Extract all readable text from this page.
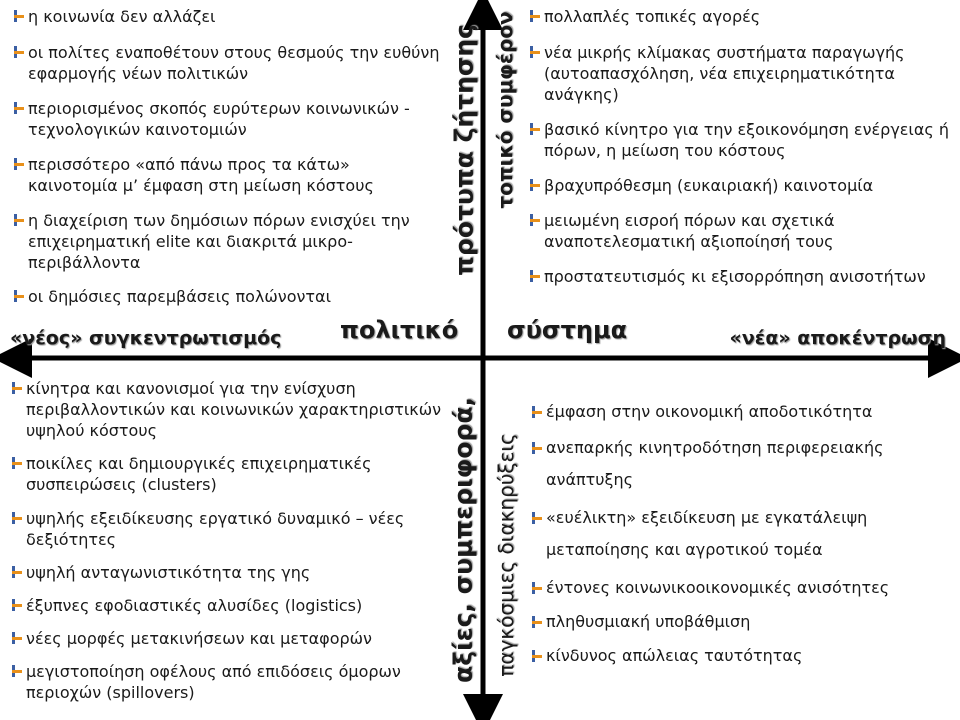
η κοινωνία δεν αλλάζει
οι πολίτες εναποθέτουν στους θεσμούς την ευθύνη εφαρμογής νέων πολιτικών
περιορισμένος σκοπός ευρύτερων κοινωνικών - τεχνολογικών καινοτομιών
περισσότερο «από πάνω προς τα κάτω» καινοτομία μ’ έμφαση στη μείωση κόστους
η διαχείριση των δημόσιων πόρων ενισχύει την επιχειρηματική elite και διακριτά μικρο-περιβάλλοντα
οι δημόσιες παρεμβάσεις πολώνονται
πολλαπλές τοπικές αγορές
νέα μικρής κλίμακας συστήματα παραγωγής (αυτοαπασχόληση, νέα επιχειρηματικότητα ανάγκης)
βασικό κίνητρο για την εξοικονόμηση ενέργειας ή πόρων, η μείωση του κόστους
βραχυπρόθεσμη (ευκαιριακή) καινοτομία
μειωμένη εισροή πόρων και σχετικά αναποτελεσματική αξιοποίησή τους
προστατευτισμός κι εξισορρόπηση ανισοτήτων
κίνητρα και κανονισμοί για την ενίσχυση περιβαλλοντικών και κοινωνικών χαρακτηριστικών υψηλού κόστους
ποικίλες και δημιουργικές επιχειρηματικές συσπειρώσεις (clusters)
υψηλής εξειδίκευσης εργατικό δυναμικό – νέες δεξιότητες
υψηλή ανταγωνιστικότητα της γης
έξυπνες εφοδιαστικές αλυσίδες (logistics)
νέες μορφές μετακινήσεων και μεταφορών
μεγιστοποίηση οφέλους από επιδόσεις όμορων περιοχών (spillovers)
έμφαση στην οικονομική αποδοτικότητα
ανεπαρκής κινητροδότηση περιφερειακής ανάπτυξης
«ευέλικτη» εξειδίκευση με εγκατάλειψη μεταποίησης και αγροτικού τομέα
έντονες κοινωνικοοικονομικές ανισότητες
πληθυσμιακή υποβάθμιση
κίνδυνος απώλειας ταυτότητας
«νέος» συγκεντρωτισμός	«νέα» αποκέντρωση
πολιτικό σύστημα
πρότυπα ζήτησης τοπικό συμφέρον
αξίες, συμπεριφορά, παγκόσμιες διακηρύξεις
